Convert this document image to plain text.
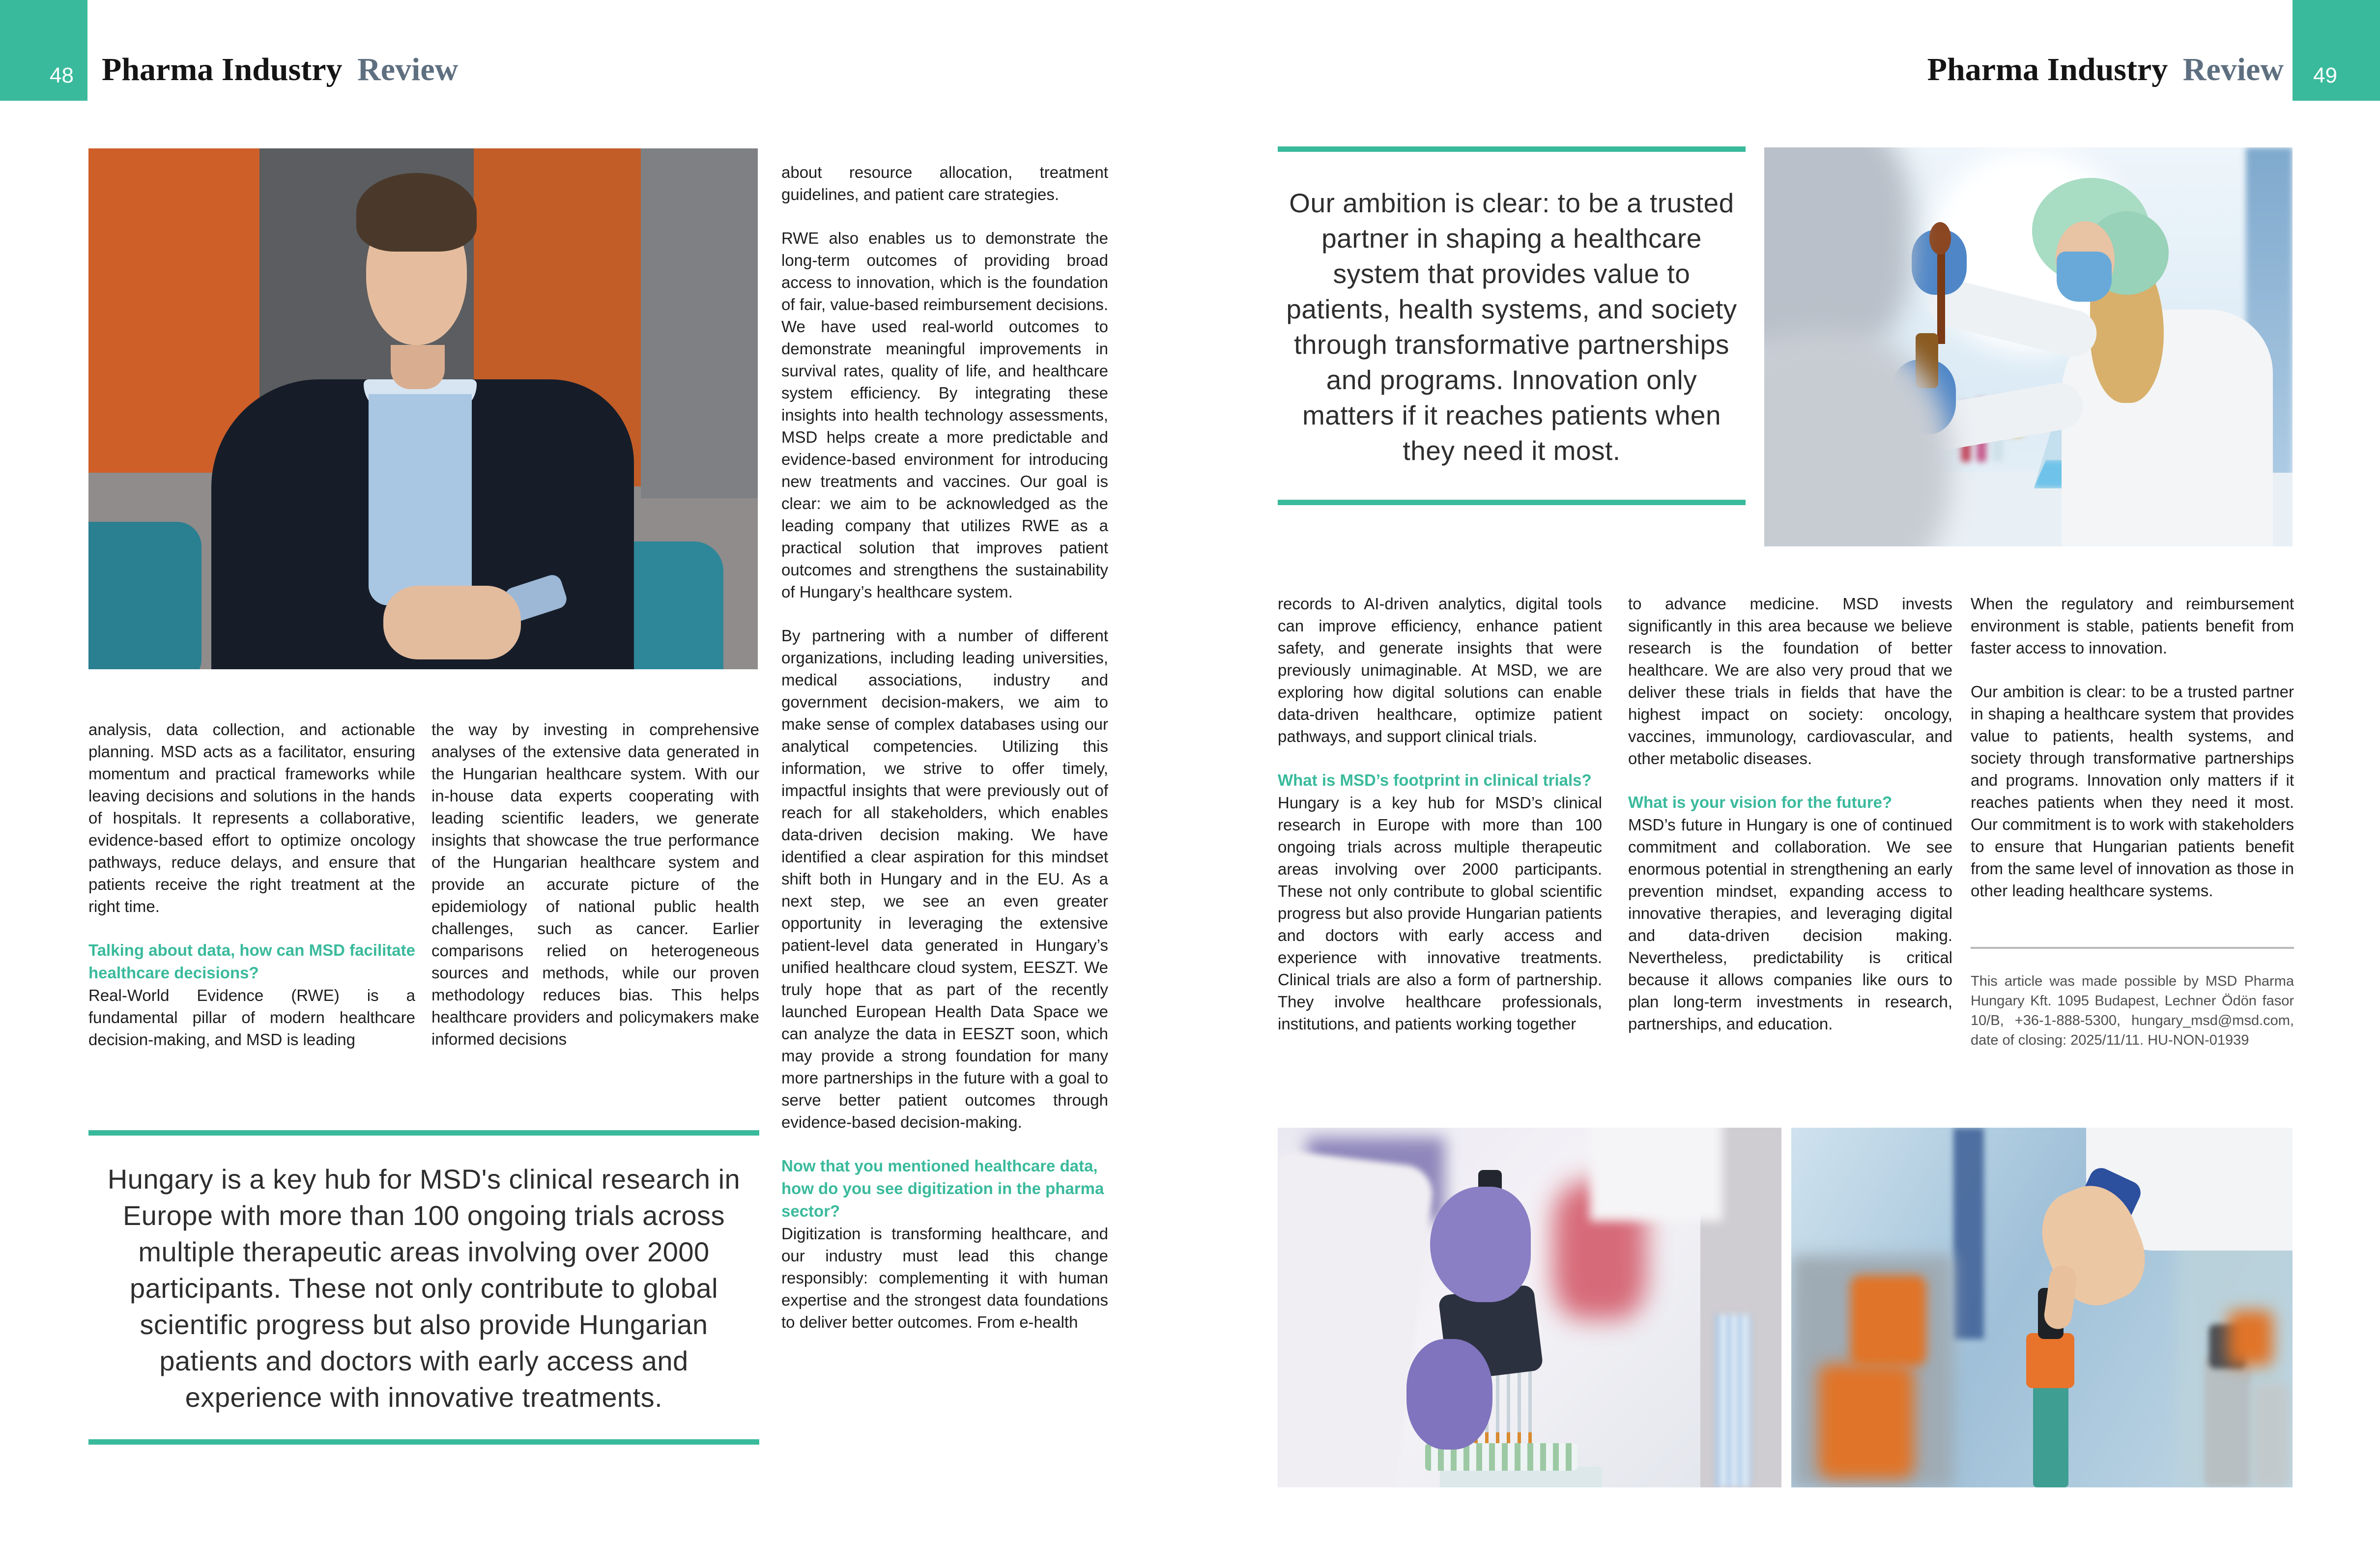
48 Pharma Industry Review	Pharma Industry Review 49

analysis, data collection, and actionable planning. MSD acts as a facilitator, ensuring momentum and practical frameworks while leaving decisions and solutions in the hands of hospitals. It represents a collaborative, evidence-based effort to optimize oncology pathways, reduce delays, and ensure that patients receive the right treatment at the right time.

Talking about data, how can MSD facilitate healthcare decisions?

Real-World Evidence (RWE) is a fundamental pillar of modern healthcare decision-making, and MSD is leading

the way by investing in comprehensive analyses of the extensive data generated in the Hungarian healthcare system. With our in-house data experts cooperating with leading scientific leaders, we generate insights that showcase the true performance of the Hungarian healthcare system and provide an accurate picture of the epidemiology of national public health challenges, such as cancer. Earlier comparisons relied on heterogeneous sources and methods, while our proven methodology reduces bias. This helps healthcare providers and policymakers make informed decisions

about resource allocation, treatment guidelines, and patient care strategies.

RWE also enables us to demonstrate the long-term outcomes of providing broad access to innovation, which is the foundation of fair, value-based reimbursement decisions. We have used real-world outcomes to demonstrate meaningful improvements in survival rates, quality of life, and healthcare system efficiency. By integrating these insights into health technology assessments, MSD helps create a more predictable and evidence-based environment for introducing new treatments and vaccines. Our goal is clear: we aim to be acknowledged as the leading company that utilizes RWE as a practical solution that improves patient outcomes and strengthens the sustainability of Hungary’s healthcare system.

By partnering with a number of different organizations, including leading universities, medical associations, industry and government decision-makers, we aim to make sense of complex databases using our analytical competencies. Utilizing this information, we strive to offer timely, impactful insights that were previously out of reach for all stakeholders, which enables data-driven decision making. We have identified a clear aspiration for this mindset shift both in Hungary and in the EU. As a next step, we see an even greater opportunity in leveraging the extensive patient-level data generated in Hungary’s unified healthcare cloud system, EESZT. We truly hope that as part of the recently launched European Health Data Space we can analyze the data in EESZT soon, which may provide a strong foundation for many more partnerships in the future with a goal to serve better patient outcomes through evidence-based decision-making.

Now that you mentioned healthcare data, how do you see digitization in the pharma sector?

Digitization is transforming healthcare, and our industry must lead this change responsibly: complementing it with human expertise and the strongest data foundations to deliver better outcomes. From e-health

Hungary is a key hub for MSD's clinical research in Europe with more than 100 ongoing trials across multiple therapeutic areas involving over 2000 participants. These not only contribute to global scientific progress but also provide Hungarian patients and doctors with early access and experience with innovative treatments.
Our ambition is clear: to be a trusted partner in shaping a healthcare system that provides value to patients, health systems, and society through transformative partnerships and programs. Innovation only matters if it reaches patients when they need it most.

records to AI-driven analytics, digital tools can improve efficiency, enhance patient safety, and generate insights that were previously unimaginable. At MSD, we are exploring how digital solutions can enable data-driven healthcare, optimize patient pathways, and support clinical trials.

What is MSD’s footprint in clinical trials?

Hungary is a key hub for MSD’s clinical research in Europe with more than 100 ongoing trials across multiple therapeutic areas involving over 2000 participants. These not only contribute to global scientific progress but also provide Hungarian patients and doctors with early access and experience with innovative treatments. Clinical trials are also a form of partnership. They involve healthcare professionals, institutions, and patients working together

to advance medicine. MSD invests significantly in this area because we believe research is the foundation of better healthcare. We are also very proud that we deliver these trials in fields that have the highest impact on society: oncology, vaccines, immunology, cardiovascular, and other metabolic diseases.

What is your vision for the future?

MSD’s future in Hungary is one of continued commitment and collaboration. We see enormous potential in strengthening an early prevention mindset, expanding access to innovative therapies, and leveraging digital and data-driven decision making. Nevertheless, predictability is critical because it allows companies like ours to plan long-term investments in research, partnerships, and education.

When the regulatory and reimbursement environment is stable, patients benefit from faster access to innovation.

Our ambition is clear: to be a trusted partner in shaping a healthcare system that provides value to patients, health systems, and society through transformative partnerships and programs. Innovation only matters if it reaches patients when they need it most. Our commitment is to work with stakeholders to ensure that Hungarian patients benefit from the same level of innovation as those in other leading healthcare systems.

This article was made possible by MSD Pharma Hungary Kft. 1095 Budapest, Lechner Ödön fasor 10/B, +36-1-888-5300, hungary_msd@msd.com, date of closing: 2025/11/11. HU-NON-01939
